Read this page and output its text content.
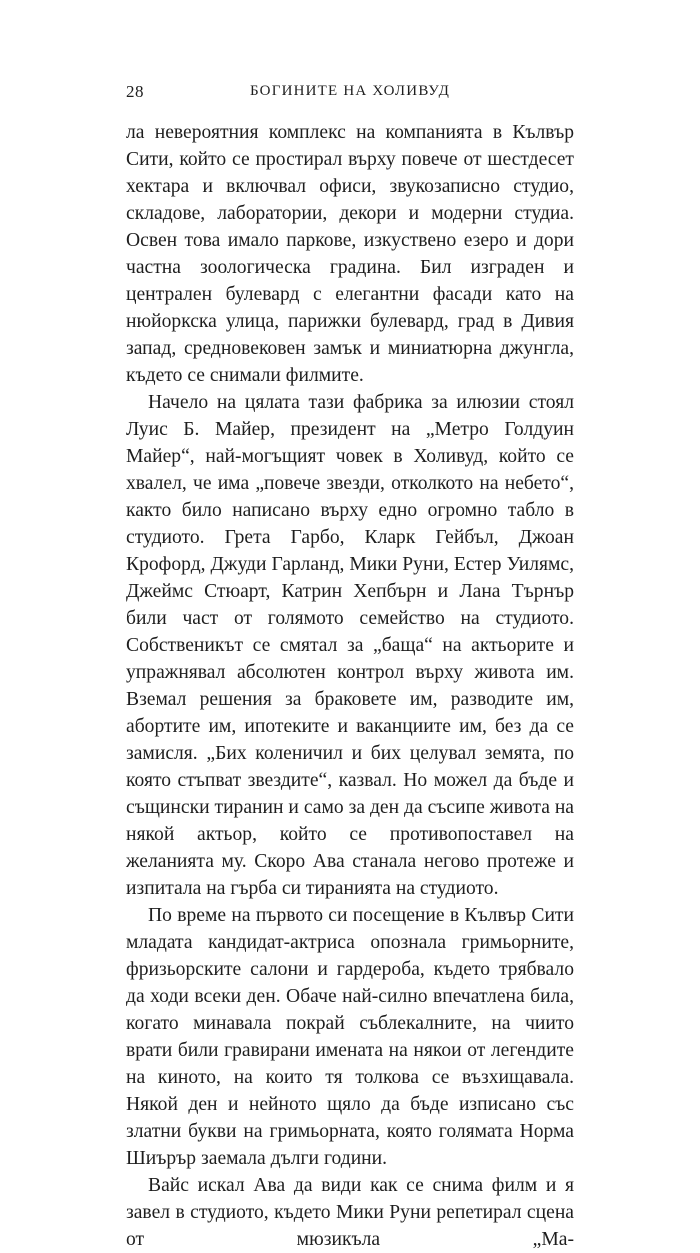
28	БОГИНИТЕ НА ХОЛИВУД

ла невероятния комплекс на компанията в Кълвър Сити, който се простирал върху повече от шестдесет хектара и включвал офиси, звукозаписно студио, складове, лаборатории, декори и модерни студиа. Освен това имало паркове, изкуствено езеро и дори частна зоологическа градина. Бил изграден и централен булевард с елегантни фасади като на нюйоркска улица, парижки булевард, град в Дивия запад, средновековен замък и миниатюрна джунгла, където се снимали филмите.

Начело на цялата тази фабрика за илюзии стоял Луис Б. Майер, президент на „Метро Голдуин Майер“, най-могъщият човек в Холивуд, който се хвалел, че има „повече звезди, отколкото на небето“, както било написано върху едно огромно табло в студиото. Грета Гарбо, Кларк Гейбъл, Джоан Крофорд, Джуди Гарланд, Мики Руни, Естер Уилямс, Джеймс Стюарт, Катрин Хепбърн и Лана Търнър били част от голямото семейство на студиото. Собственикът се смятал за „баща“ на актьорите и упражнявал абсолютен контрол върху живота им. Вземал решения за браковете им, разводите им, абортите им, ипотеките и ваканциите им, без да се замисля. „Бих коленичил и бих целувал земята, по която стъпват звездите“, казвал. Но можел да бъде и същински тиранин и само за ден да съсипе живота на някой актьор, който се противопоставел на желанията му. Скоро Ава станала негово протеже и изпитала на гърба си тиранията на студиото.

По време на първото си посещение в Кълвър Сити младата кандидат-актриса опознала гримьорните, фризьорските салони и гардероба, където трябвало да ходи всеки ден. Обаче най-силно впечатлена била, когато минавала покрай съблекалните, на чиито врати били гравирани имената на някои от легендите на киното, на които тя толкова се възхищавала. Някой ден и нейното щяло да бъде изписано със златни букви на гримьорната, която голямата Норма Шиърър заемала дълги години.

Вайс искал Ава да види как се снима филм и я завел в студиото, където Мики Руни репетирал сцена от мюзикъла „Ма-
